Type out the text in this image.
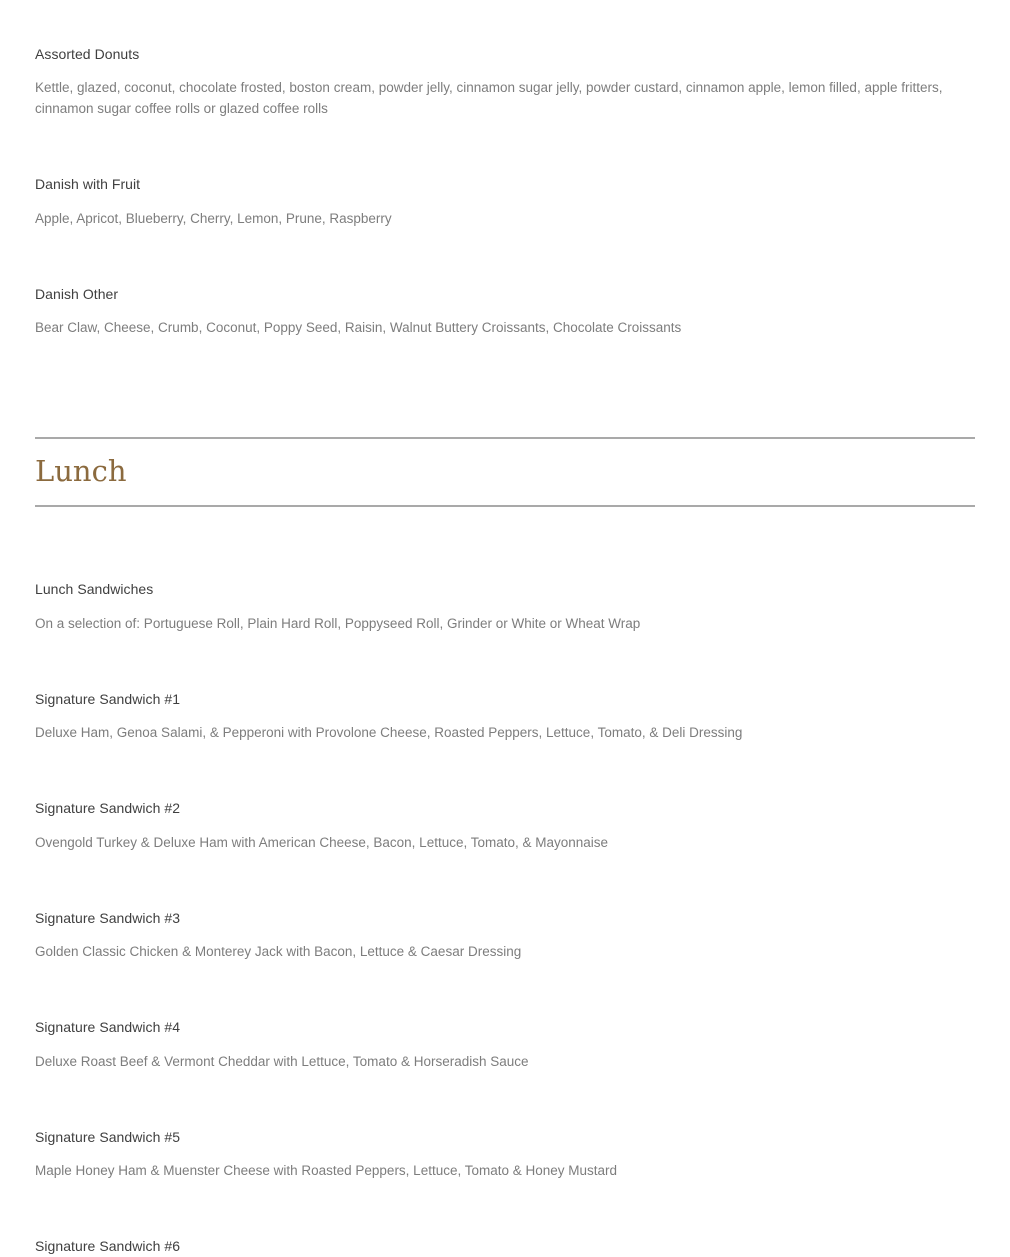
Assorted Donuts
Kettle, glazed, coconut, chocolate frosted, boston cream, powder jelly, cinnamon sugar jelly, powder custard, cinnamon apple, lemon filled, apple fritters, cinnamon sugar coffee rolls or glazed coffee rolls
Danish with Fruit
Apple, Apricot, Blueberry, Cherry, Lemon, Prune, Raspberry
Danish Other
Bear Claw, Cheese, Crumb, Coconut, Poppy Seed, Raisin, Walnut Buttery Croissants, Chocolate Croissants
Lunch
Lunch Sandwiches
On a selection of: Portuguese Roll, Plain Hard Roll, Poppyseed Roll, Grinder or White or Wheat Wrap
Signature Sandwich #1
Deluxe Ham, Genoa Salami, & Pepperoni with Provolone Cheese, Roasted Peppers, Lettuce, Tomato, & Deli Dressing
Signature Sandwich #2
Ovengold Turkey & Deluxe Ham with American Cheese, Bacon, Lettuce, Tomato, & Mayonnaise
Signature Sandwich #3
Golden Classic Chicken & Monterey Jack with Bacon, Lettuce & Caesar Dressing
Signature Sandwich #4
Deluxe Roast Beef & Vermont Cheddar with Lettuce, Tomato & Horseradish Sauce
Signature Sandwich #5
Maple Honey Ham & Muenster Cheese with Roasted Peppers, Lettuce, Tomato & Honey Mustard
Signature Sandwich #6
